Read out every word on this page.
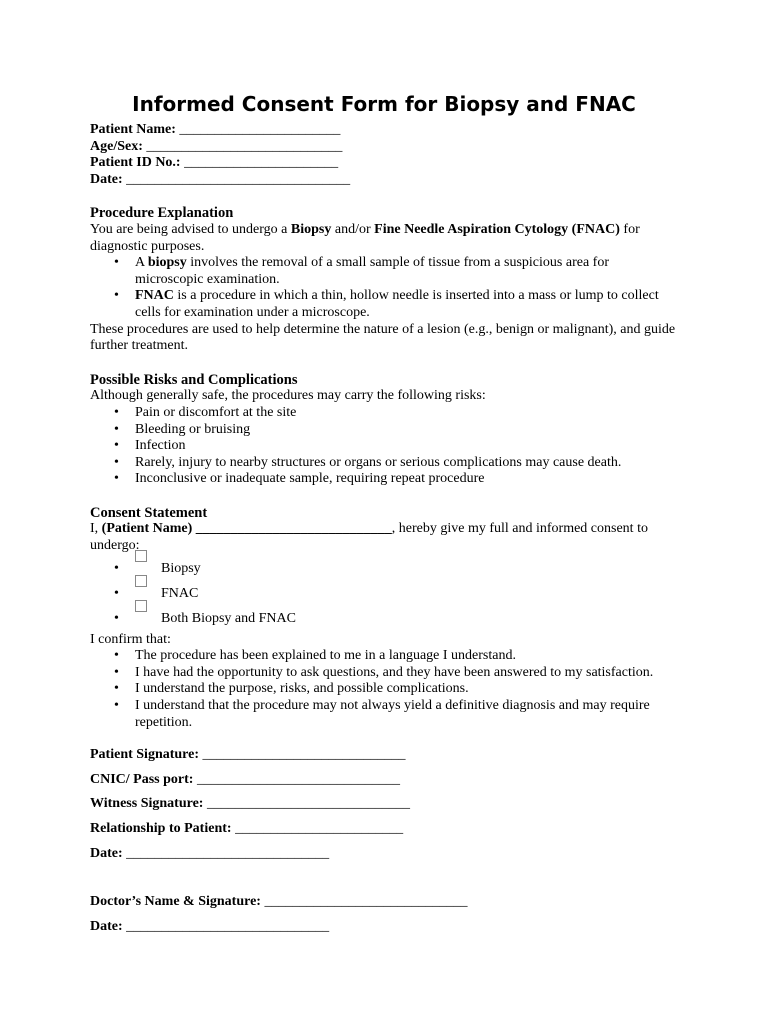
Informed Consent Form for Biopsy and FNAC
Patient Name: _______________________
Age/Sex: ____________________________
Patient ID No.: ______________________
Date: ________________________________
Procedure Explanation

You are being advised to undergo a Biopsy and/or Fine Needle Aspiration Cytology (FNAC) for diagnostic purposes.

• A biopsy involves the removal of a small sample of tissue from a suspicious area for microscopic examination.
• FNAC is a procedure in which a thin, hollow needle is inserted into a mass or lump to collect cells for examination under a microscope.

These procedures are used to help determine the nature of a lesion (e.g., benign or malignant), and guide further treatment.

Possible Risks and Complications

Although generally safe, the procedures may carry the following risks:

• Pain or discomfort at the site
• Bleeding or bruising
• Infection
• Rarely, injury to nearby structures or organs or serious complications may cause death.
• Inconclusive or inadequate sample, requiring repeat procedure
Consent Statement

I, (Patient Name) ____________________________, hereby give my full and informed consent to undergo:

• Biopsy
• FNAC
• Both Biopsy and FNAC

I confirm that:

• The procedure has been explained to me in a language I understand.
• I have had the opportunity to ask questions, and they have been answered to my satisfaction.
• I understand the purpose, risks, and possible complications.
• I understand that the procedure may not always yield a definitive diagnosis and may require repetition.
Patient Signature: _____________________________
CNIC/ Pass port: _____________________________
Witness Signature: _____________________________
Relationship to Patient: ________________________
Date: _____________________________
Doctor’s Name & Signature: _____________________________
Date: _____________________________
